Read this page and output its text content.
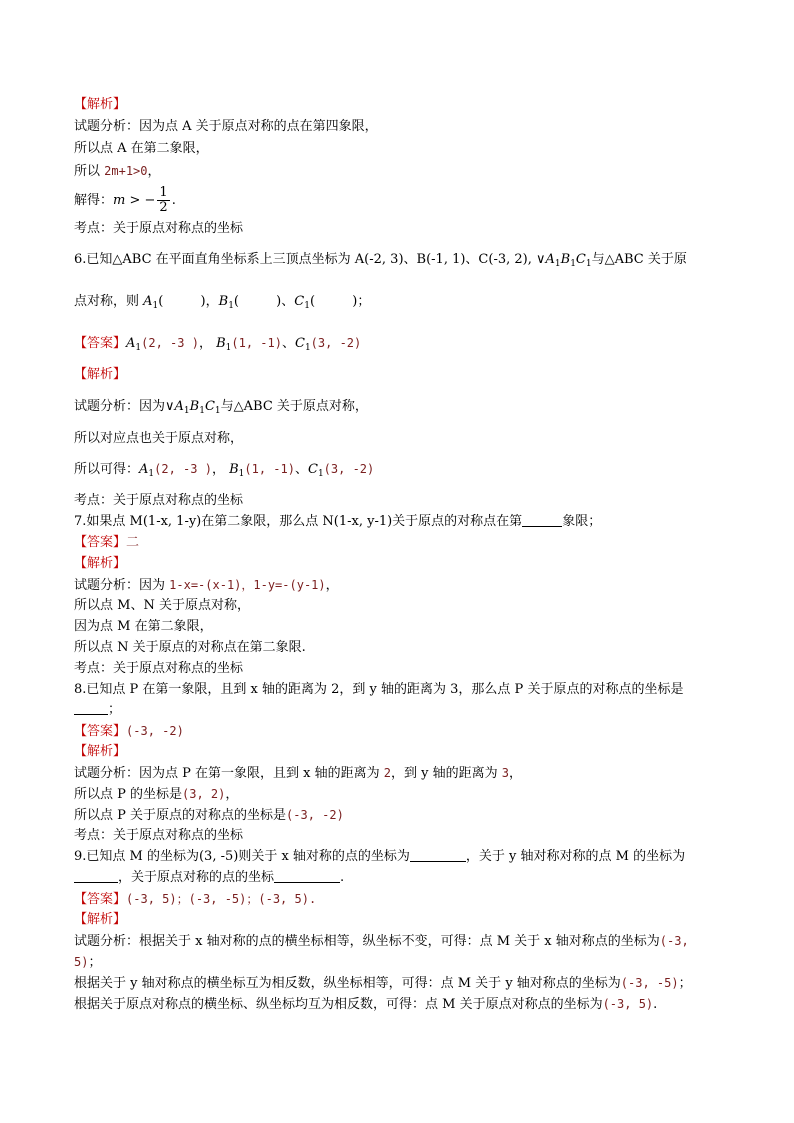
【解析】
试题分析：因为点 A 关于原点对称的点在第四象限，
所以点 A 在第二象限，
所以 2m+1>0，
解得：m > − $\frac{1}{2}$ .
考点：关于原点对称点的坐标
6.已知△ABC 在平面直角坐标系上三顶点坐标为 A(-2, 3)、B(-1, 1)、C(-3, 2), $\vee A_1B_1C_1$与△ABC 关于原
点对称，则 $A_1$(         )，$B_1$(         )、$C_1$(         )；
【答案】$A_1(2$, -3 )， $B_1(1$, -1)、$C_1(3$, -2)
【解析】
试题分析：因为$\vee A_1B_1C_1$与△ABC 关于原点对称，
所以对应点也关于原点对称，
所以可得：$A_1(2$, -3 )， $B_1(1$, -1)、$C_1(3$, -2)
考点：关于原点对称点的坐标
7.如果点 M(1-x, 1-y)在第二象限，那么点 N(1-x, y-1)关于原点的对称点在第	象限；
【答案】二
【解析】
试题分析：因为 1-x=-(x-1)，1-y=-(y-1)，
所以点 M、N 关于原点对称，
因为点 M 在第二象限，
所以点 N 关于原点的对称点在第二象限.
考点：关于原点对称点的坐标
8.已知点 P 在第一象限，且到 x 轴的距离为 2，到 y 轴的距离为 3，那么点 P 关于原点的对称点的坐标是
；
【答案】(-3, -2)
【解析】
试题分析：因为点 P 在第一象限，且到 x 轴的距离为 2，到 y 轴的距离为 3，
所以点 P 的坐标是(3, 2)，
所以点 P 关于原点的对称点的坐标是(-3, -2)
考点：关于原点对称点的坐标
9.已知点 M 的坐标为(3, -5)则关于 x 轴对称的点的坐标为	，关于 y 轴对称对称的点 M 的坐标为
，关于原点对称的点的坐标	.
【答案】(-3, 5)；(-3, -5)；(-3, 5).
【解析】
试题分析：根据关于 x 轴对称的点的横坐标相等，纵坐标不变，可得：点 M 关于 x 轴对称点的坐标为(-3,
5)；
根据关于 y 轴对称点的横坐标互为相反数，纵坐标相等，可得：点 M 关于 y 轴对称点的坐标为(-3, -5)；
根据关于原点对称点的横坐标、纵坐标均互为相反数，可得：点 M 关于原点对称点的坐标为(-3, 5).
